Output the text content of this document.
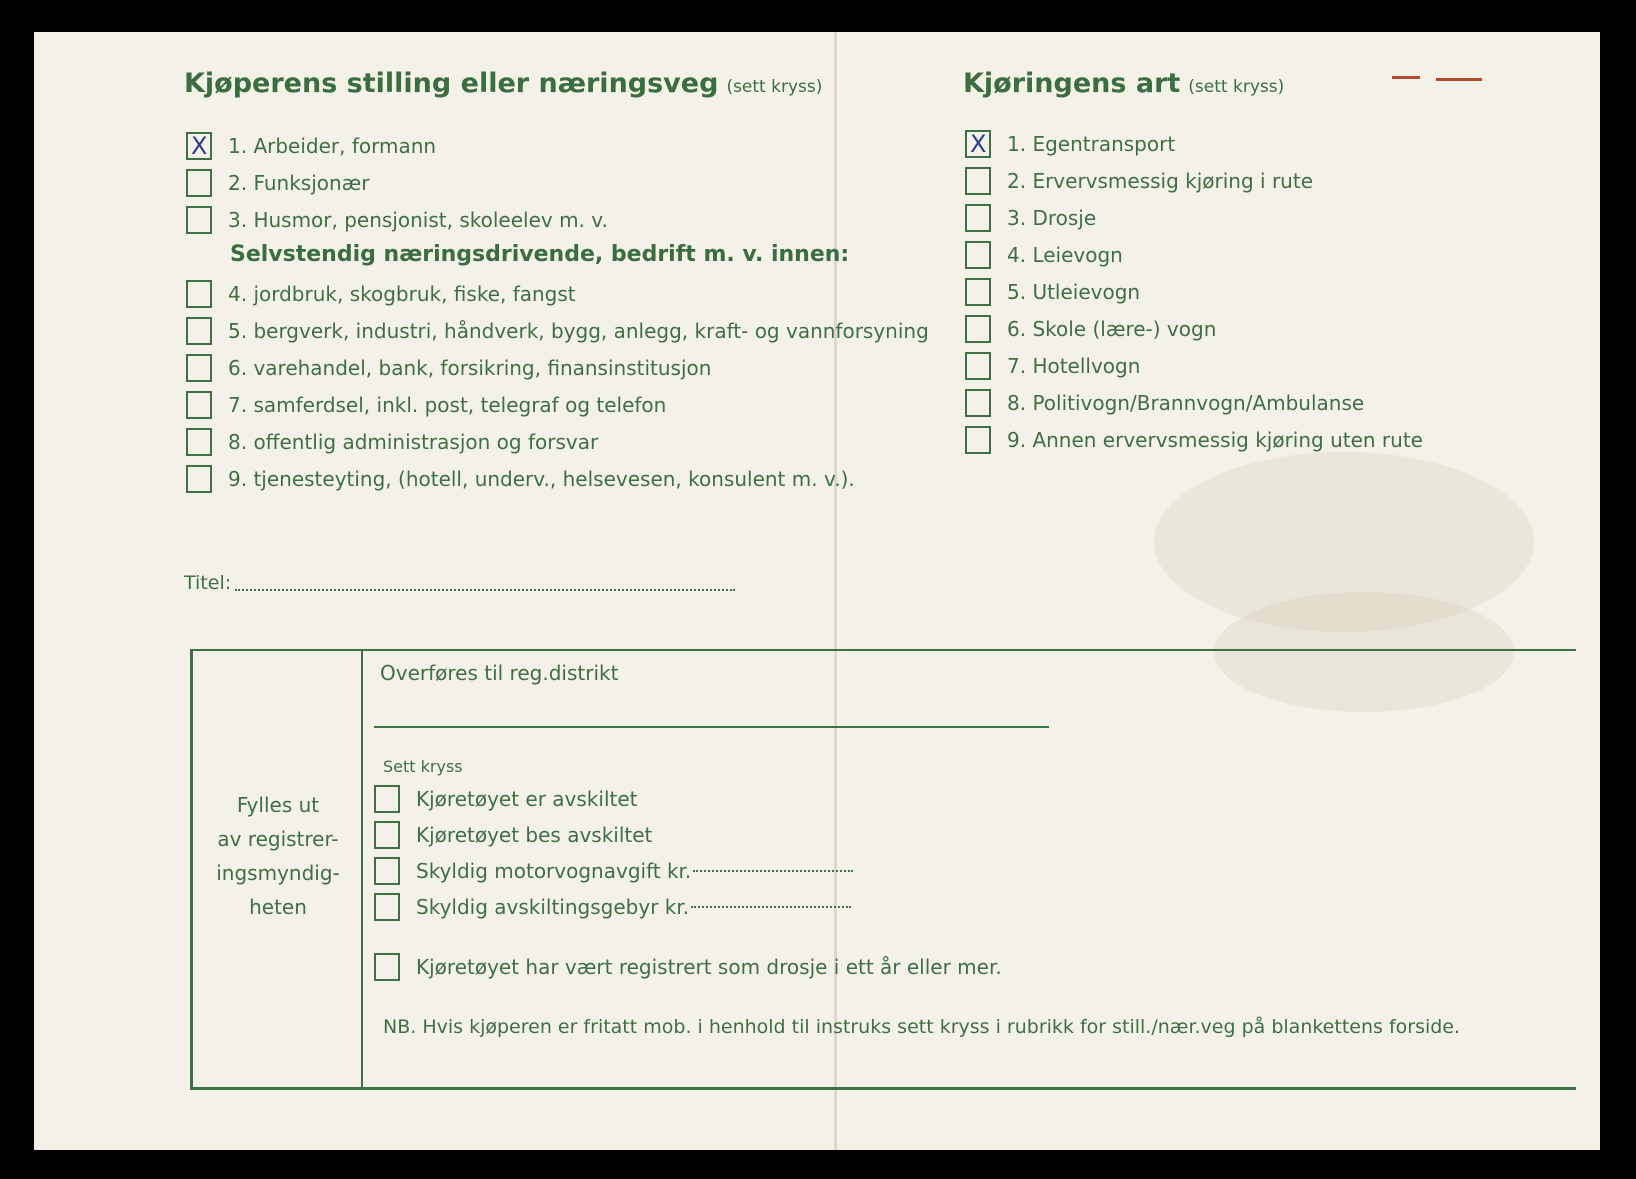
Kjøperens stilling eller næringsveg (sett kryss)
X
1. Arbeider, formann
2. Funksjonær
3. Husmor, pensjonist, skoleelev m. v.
Selvstendig næringsdrivende, bedrift m. v. innen:
4. jordbruk, skogbruk, fiske, fangst
5. bergverk, industri, håndverk, bygg, anlegg, kraft- og vannforsyning
6. varehandel, bank, forsikring, finansinstitusjon
7. samferdsel, inkl. post, telegraf og telefon
8. offentlig administrasjon og forsvar
9. tjenesteyting, (hotell, underv., helsevesen, konsulent m. v.).
Titel:
Kjøringens art (sett kryss)
X
1. Egentransport
2. Ervervsmessig kjøring i rute
3. Drosje
4. Leievogn
5. Utleievogn
6. Skole (lære-) vogn
7. Hotellvogn
8. Politivogn/Brannvogn/Ambulanse
9. Annen ervervsmessig kjøring uten rute
Fylles ut
av registrer-
ingsmyndig-
heten
Overføres til reg.distrikt
Sett kryss
Kjøretøyet er avskiltet
Kjøretøyet bes avskiltet
Skyldig motorvognavgift kr.
Skyldig avskiltingsgebyr kr.
Kjøretøyet har vært registrert som drosje i ett år eller mer.
NB. Hvis kjøperen er fritatt mob. i henhold til instruks sett kryss i rubrikk for still./nær.veg på blankettens forside.
